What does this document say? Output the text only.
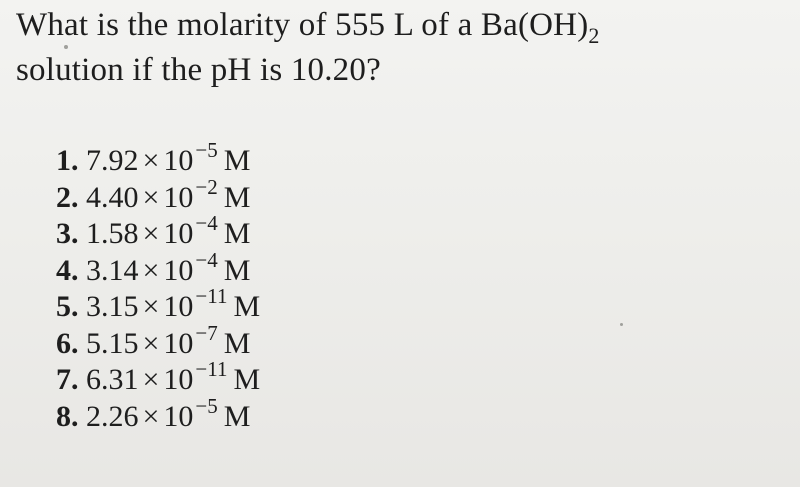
What is the molarity of 555 L of a $Ba(OH)_2$
solution if the pH is 10.20?
1. $7.92 \times 10^{-5}$ M
2. $4.40 \times 10^{-2}$ M
3. $1.58 \times 10^{-4}$ M
4. $3.14 \times 10^{-4}$ M
5. $3.15 \times 10^{-11}$ M
6. $5.15 \times 10^{-7}$ M
7. $6.31 \times 10^{-11}$ M
8. $2.26 \times 10^{-5}$ M
